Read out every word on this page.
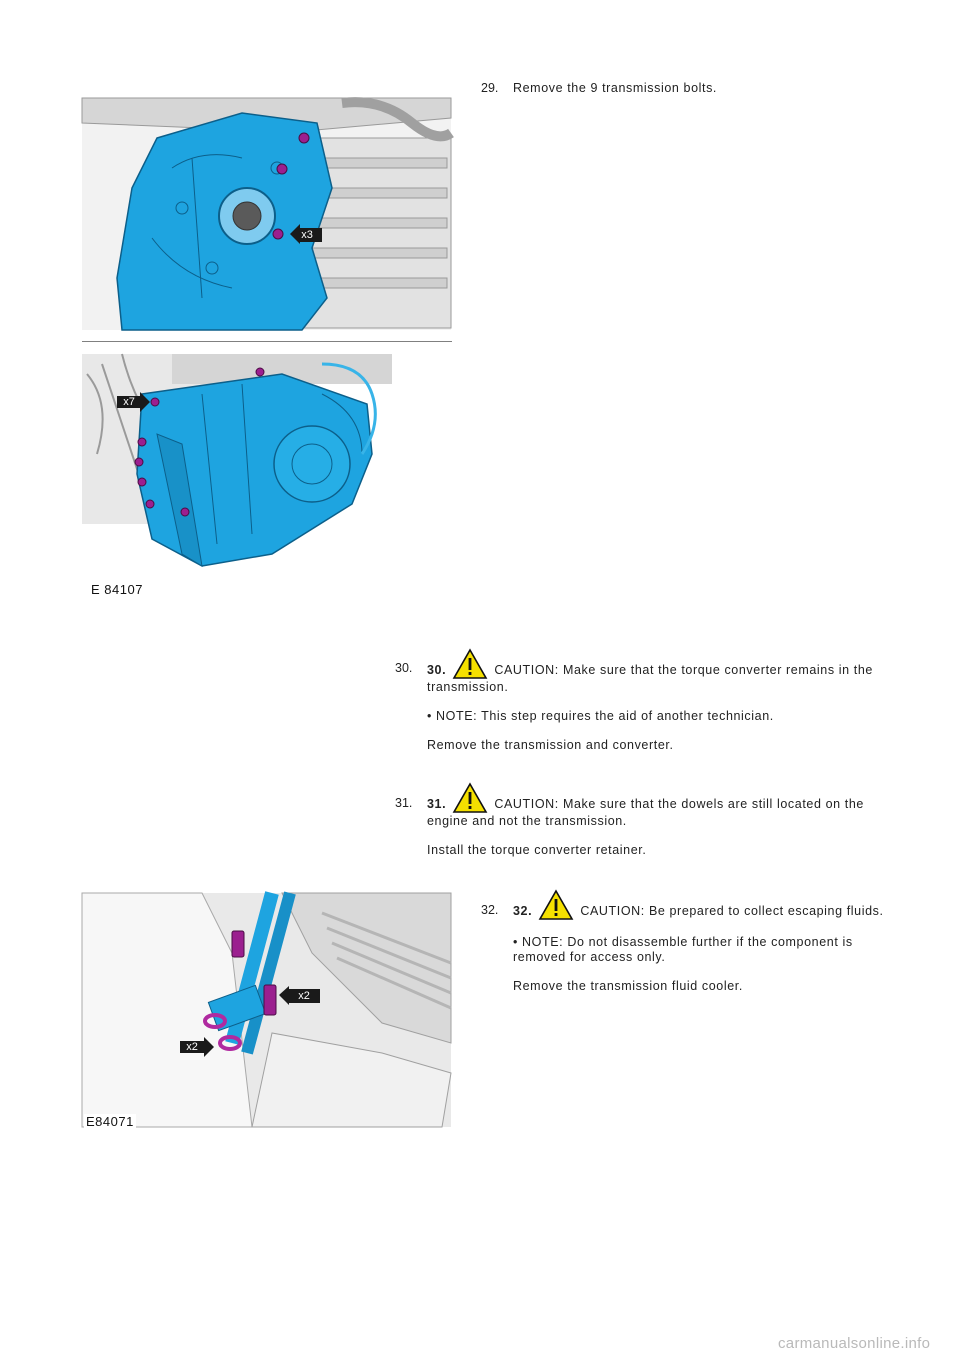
29. Remove the 9 transmission bolts.
x3
x7
E 84107
30. 30.	CAUTION: Make sure that the torque converter remains in the transmission.

• NOTE: This step requires the aid of another technician.

Remove the transmission and converter.

31. 31.	CAUTION: Make sure that the dowels are still located on the engine and not the transmission.

Install the torque converter retainer.

x2
x2
E84071
32. 32.	CAUTION: Be prepared to collect escaping fluids.

• NOTE: Do not disassemble further if the component is removed for access only.

Remove the transmission fluid cooler.

carmanualsonline.info
